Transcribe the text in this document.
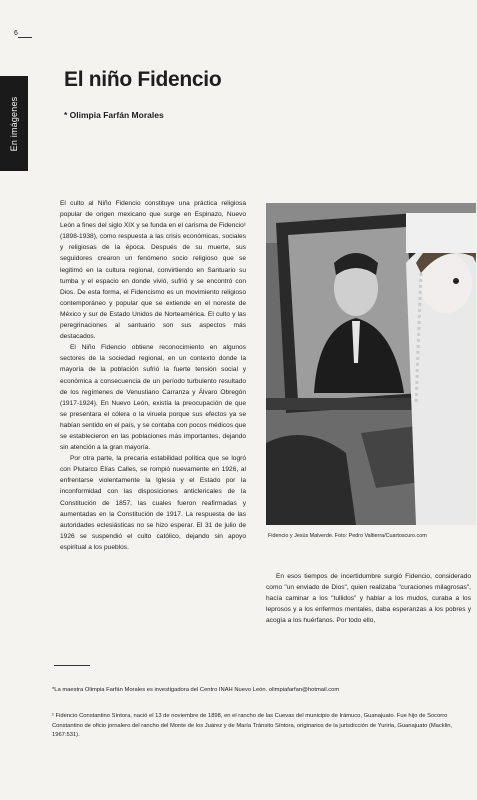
6
En imágenes
El niño Fidencio
* Olimpia Farfán Morales

El culto al Niño Fidencio constituye una práctica religiosa popular de origen mexicano que surge en Espinazo, Nuevo León a fines del siglo XIX y se funda en el carisma de Fidencio¹ (1898-1938), como respuesta a las crisis económicas, sociales y religiosas de la época. Después de su muerte, sus seguidores crearon un fenómeno socio religioso que se legitimó en la cultura regional, convirtiendo en Santuario su tumba y el espacio en donde vivió, sufrió y se encontró con Dios. De esta forma, el Fidencismo es un movimiento religioso contemporáneo y popular que se extiende en el noreste de México y sur de Estado Unidos de Norteamérica. El culto y las peregrinaciones al santuario son sus aspectos más destacados.

El Niño Fidencio obtiene reconocimiento en algunos sectores de la sociedad regional, en un contexto donde la mayoría de la población sufrió la fuerte tensión social y económica a consecuencia de un período turbulento resultado de los regímenes de Venustiano Carranza y Álvaro Obregón (1917-1924). En Nuevo León, existía la preocupación de que se presentara el cólera o la viruela porque sus efectos ya se habían sentido en el país, y se contaba con pocos médicos que se establecieron en las poblaciones más importantes, dejando sin atención a la gran mayoría.

Por otra parte, la precaria estabilidad política que se logró con Plutarco Elías Calles, se rompió nuevamente en 1926, al enfrentarse violentamente la Iglesia y el Estado por la inconformidad con las disposiciones anticlericales de la Constitución de 1857, las cuales fueron reafirmadas y aumentadas en la Constitución de 1917. La respuesta de las autoridades eclesiásticas no se hizo esperar. El 31 de julio de 1926 se suspendió el culto católico, dejando sin apoyo espiritual a los pueblos.

Fidencio y Jesús Malverde. Foto: Pedro Valtierra/Cuartoscuro.com

En esos tiempos de incertidumbre surgió Fidencio, considerado como "un enviado de Dios", quien realizaba "curaciones milagrosas", hacía caminar a los "tullidos" y hablar a los mudos, curaba a los leprosos y a los enfermos mentales, daba esperanzas a los pobres y acogía a los huérfanos. Por todo ello,

*La maestra Olimpia Farfán Morales es investigadora del Centro INAH Nuevo León. olimpiafarfan@hotmail.com

¹ Fidencio Constantino Síntora, nació el 13 de noviembre de 1898, en el rancho de las Cuevas del municipio de Irámuco, Guanajuato. Fue hijo de Socorro Constantino de oficio jornalero del rancho del Monte de los Juárez y de María Tránsito Síntora, originarios de la jurisdicción de Yuriria, Guanajuato (Macklin, 1967:531).
